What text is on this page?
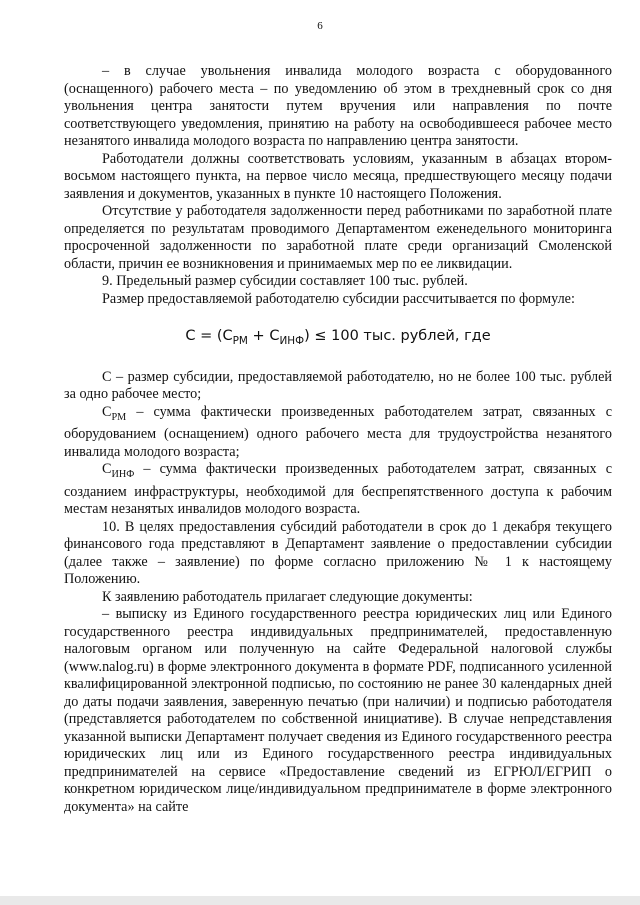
6

– в случае увольнения инвалида молодого возраста с оборудованного (оснащенного) рабочего места – по уведомлению об этом в трехдневный срок со дня увольнения центра занятости путем вручения или направления по почте соответствующего уведомления, принятию на работу на освободившееся рабочее место незанятого инвалида молодого возраста по направлению центра занятости.

Работодатели должны соответствовать условиям, указанным в абзацах втором-восьмом настоящего пункта, на первое число месяца, предшествующего месяцу подачи заявления и документов, указанных в пункте 10 настоящего Положения.

Отсутствие у работодателя задолженности перед работниками по заработной плате определяется по результатам проводимого Департаментом еженедельного мониторинга просроченной задолженности по заработной плате среди организаций Смоленской области, причин ее возникновения и принимаемых мер по ее ликвидации.

9. Предельный размер субсидии составляет 100 тыс. рублей.

Размер предоставляемой работодателю субсидии рассчитывается по формуле:

$С = (С_{РМ} + С_{ИНФ}) \le 100$ тыс. рублей, где

С – размер субсидии, предоставляемой работодателю, но не более 100 тыс. рублей за одно рабочее место;

$С_{РМ}$ – сумма фактически произведенных работодателем затрат, связанных с оборудованием (оснащением) одного рабочего места для трудоустройства незанятого инвалида молодого возраста;

$С_{ИНФ}$ – сумма фактически произведенных работодателем затрат, связанных с созданием инфраструктуры, необходимой для беспрепятственного доступа к рабочим местам незанятых инвалидов молодого возраста.

10. В целях предоставления субсидий работодатели в срок до 1 декабря текущего финансового года представляют в Департамент заявление о предоставлении субсидии (далее также – заявление) по форме согласно приложению № 1 к настоящему Положению.

К заявлению работодатель прилагает следующие документы:

– выписку из Единого государственного реестра юридических лиц или Единого государственного реестра индивидуальных предпринимателей, предоставленную налоговым органом или полученную на сайте Федеральной налоговой службы (www.nalog.ru) в форме электронного документа в формате PDF, подписанного усиленной квалифицированной электронной подписью, по состоянию не ранее 30 календарных дней до даты подачи заявления, заверенную печатью (при наличии) и подписью работодателя (представляется работодателем по собственной инициативе). В случае непредставления указанной выписки Департамент получает сведения из Единого государственного реестра юридических лиц или из Единого государственного реестра индивидуальных предпринимателей на сервисе «Предоставление сведений из ЕГРЮЛ/ЕГРИП о конкретном юридическом лице/индивидуальном предпринимателе в форме электронного документа» на сайте
